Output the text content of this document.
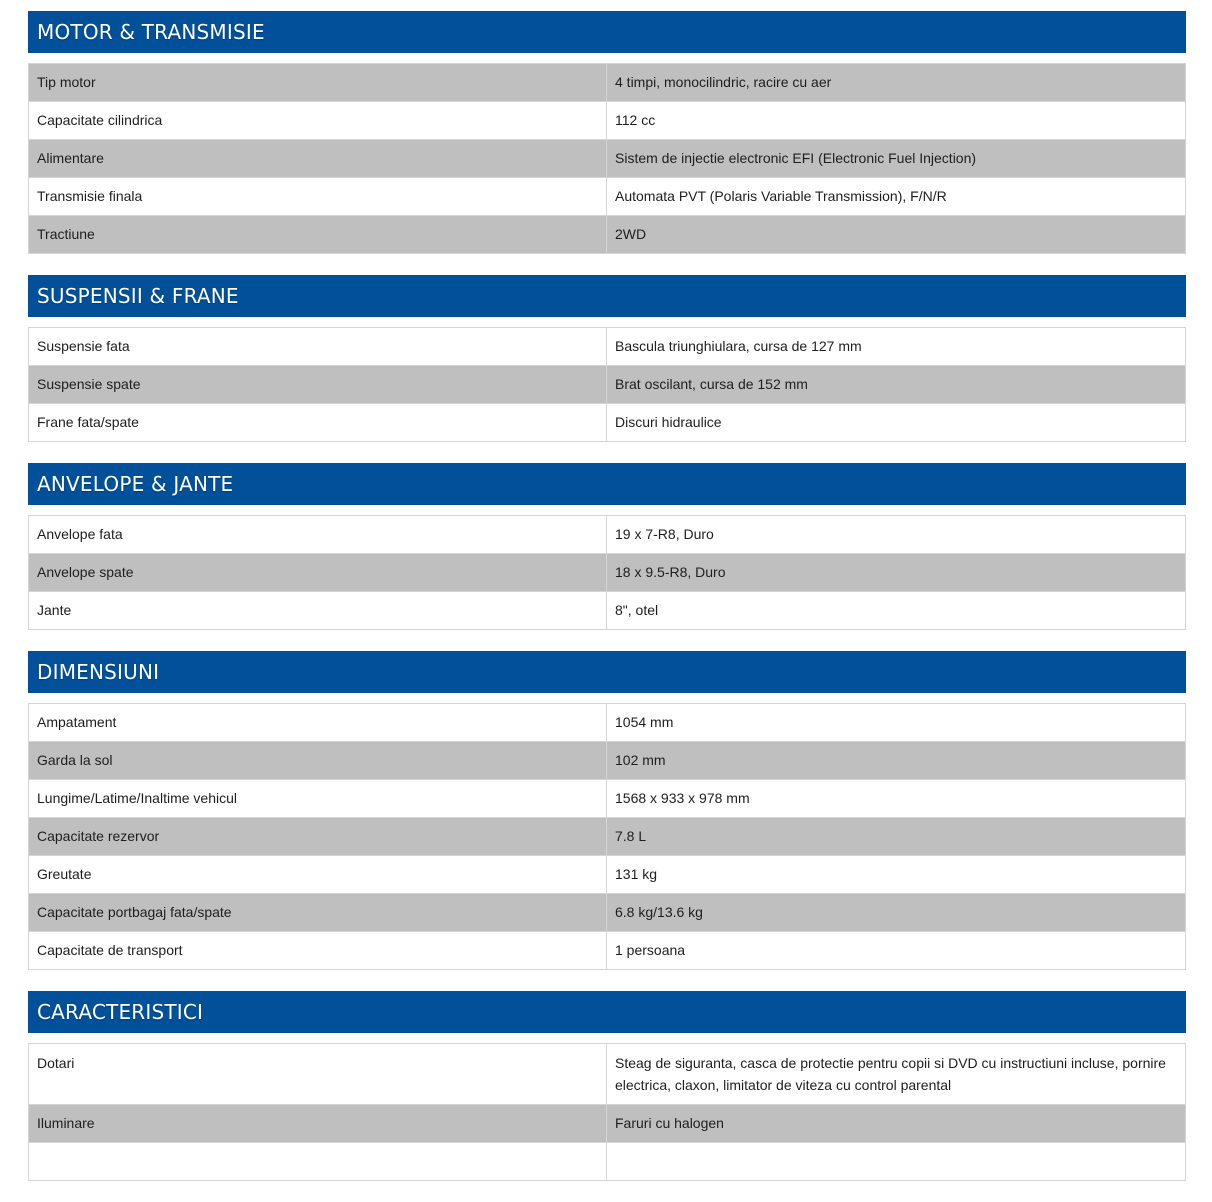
MOTOR & TRANSMISIE
Tip motor	4 timpi, monocilindric, racire cu aer
Capacitate cilindrica	112 cc
Alimentare	Sistem de injectie electronic EFI (Electronic Fuel Injection)
Transmisie finala	Automata PVT (Polaris Variable Transmission), F/N/R
Tractiune	2WD
SUSPENSII & FRANE
Suspensie fata	Bascula triunghiulara, cursa de 127 mm
Suspensie spate	Brat oscilant, cursa de 152 mm
Frane fata/spate	Discuri hidraulice
ANVELOPE & JANTE
Anvelope fata	19 x 7-R8, Duro
Anvelope spate	18 x 9.5-R8, Duro
Jante	8", otel
DIMENSIUNI
Ampatament	1054 mm
Garda la sol	102 mm
Lungime/Latime/Inaltime vehicul	1568 x 933 x 978 mm
Capacitate rezervor	7.8 L
Greutate	131 kg
Capacitate portbagaj fata/spate	6.8 kg/13.6 kg
Capacitate de transport	1 persoana
CARACTERISTICI
Dotari	Steag de siguranta, casca de protectie pentru copii si DVD cu instructiuni incluse, pornire electrica, claxon, limitator de viteza cu control parental
Iluminare	Faruri cu halogen
